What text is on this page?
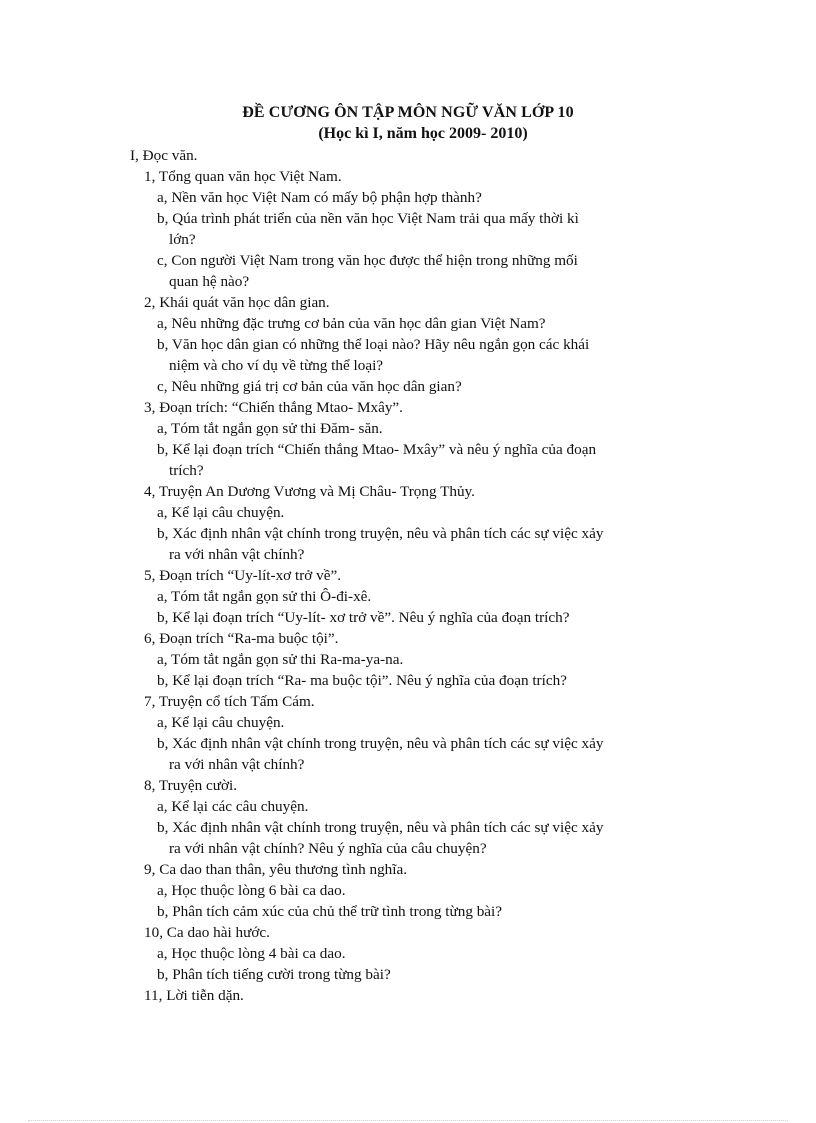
ĐỀ CƯƠNG ÔN TẬP MÔN NGỮ VĂN LỚP 10
(Học kì I, năm học 2009- 2010)
I, Đọc văn.
1, Tổng quan văn học Việt Nam.
a, Nền văn học Việt Nam có mấy bộ phận hợp thành?
b, Qúa trình phát triển của nền văn học Việt Nam trải qua mấy thời kì
lớn?
c, Con người Việt Nam trong văn học được thể hiện trong những mối
quan hệ nào?
2, Khái quát văn học dân gian.
a, Nêu những đặc trưng cơ bản của văn học dân gian Việt Nam?
b, Văn học dân gian có những thể loại nào? Hãy nêu ngắn gọn các khái
niệm và cho ví dụ về từng thể loại?
c, Nêu những giá trị cơ bản của văn học dân gian?
3, Đoạn trích: “Chiến thắng Mtao- Mxây”.
a, Tóm tắt ngắn gọn sử thi Đăm- săn.
b, Kể lại đoạn trích “Chiến thắng Mtao- Mxây” và nêu ý nghĩa của đoạn
trích?
4, Truyện An Dương Vương và Mị Châu- Trọng Thủy.
a, Kể lại câu chuyện.
b, Xác định nhân vật chính trong truyện, nêu và phân tích các sự việc xảy
ra với nhân vật chính?
5, Đoạn trích “Uy-lít-xơ trở về”.
a, Tóm tắt ngắn gọn sử thi Ô-đi-xê.
b, Kể lại đoạn trích “Uy-lít- xơ trở về”. Nêu ý nghĩa của đoạn trích?
6, Đoạn trích “Ra-ma buộc tội”.
a, Tóm tắt ngắn gọn sử thi Ra-ma-ya-na.
b, Kể lại đoạn trích “Ra- ma buộc tội”. Nêu ý nghĩa của đoạn trích?
7, Truyện cổ tích Tấm Cám.
a, Kể lại câu chuyện.
b, Xác định nhân vật chính trong truyện, nêu và phân tích các sự việc xảy
ra với nhân vật chính?
8, Truyện cười.
a, Kể lại các câu chuyện.
b, Xác định nhân vật chính trong truyện, nêu và phân tích các sự việc xảy
ra với nhân vật chính? Nêu ý nghĩa của câu chuyện?
9, Ca dao than thân, yêu thương tình nghĩa.
a, Học thuộc lòng 6 bài ca dao.
b, Phân tích cảm xúc của chủ thể trữ tình trong từng bài?
10, Ca dao hài hước.
a, Học thuộc lòng 4 bài ca dao.
b, Phân tích tiếng cười trong từng bài?
11, Lời tiễn dặn.
